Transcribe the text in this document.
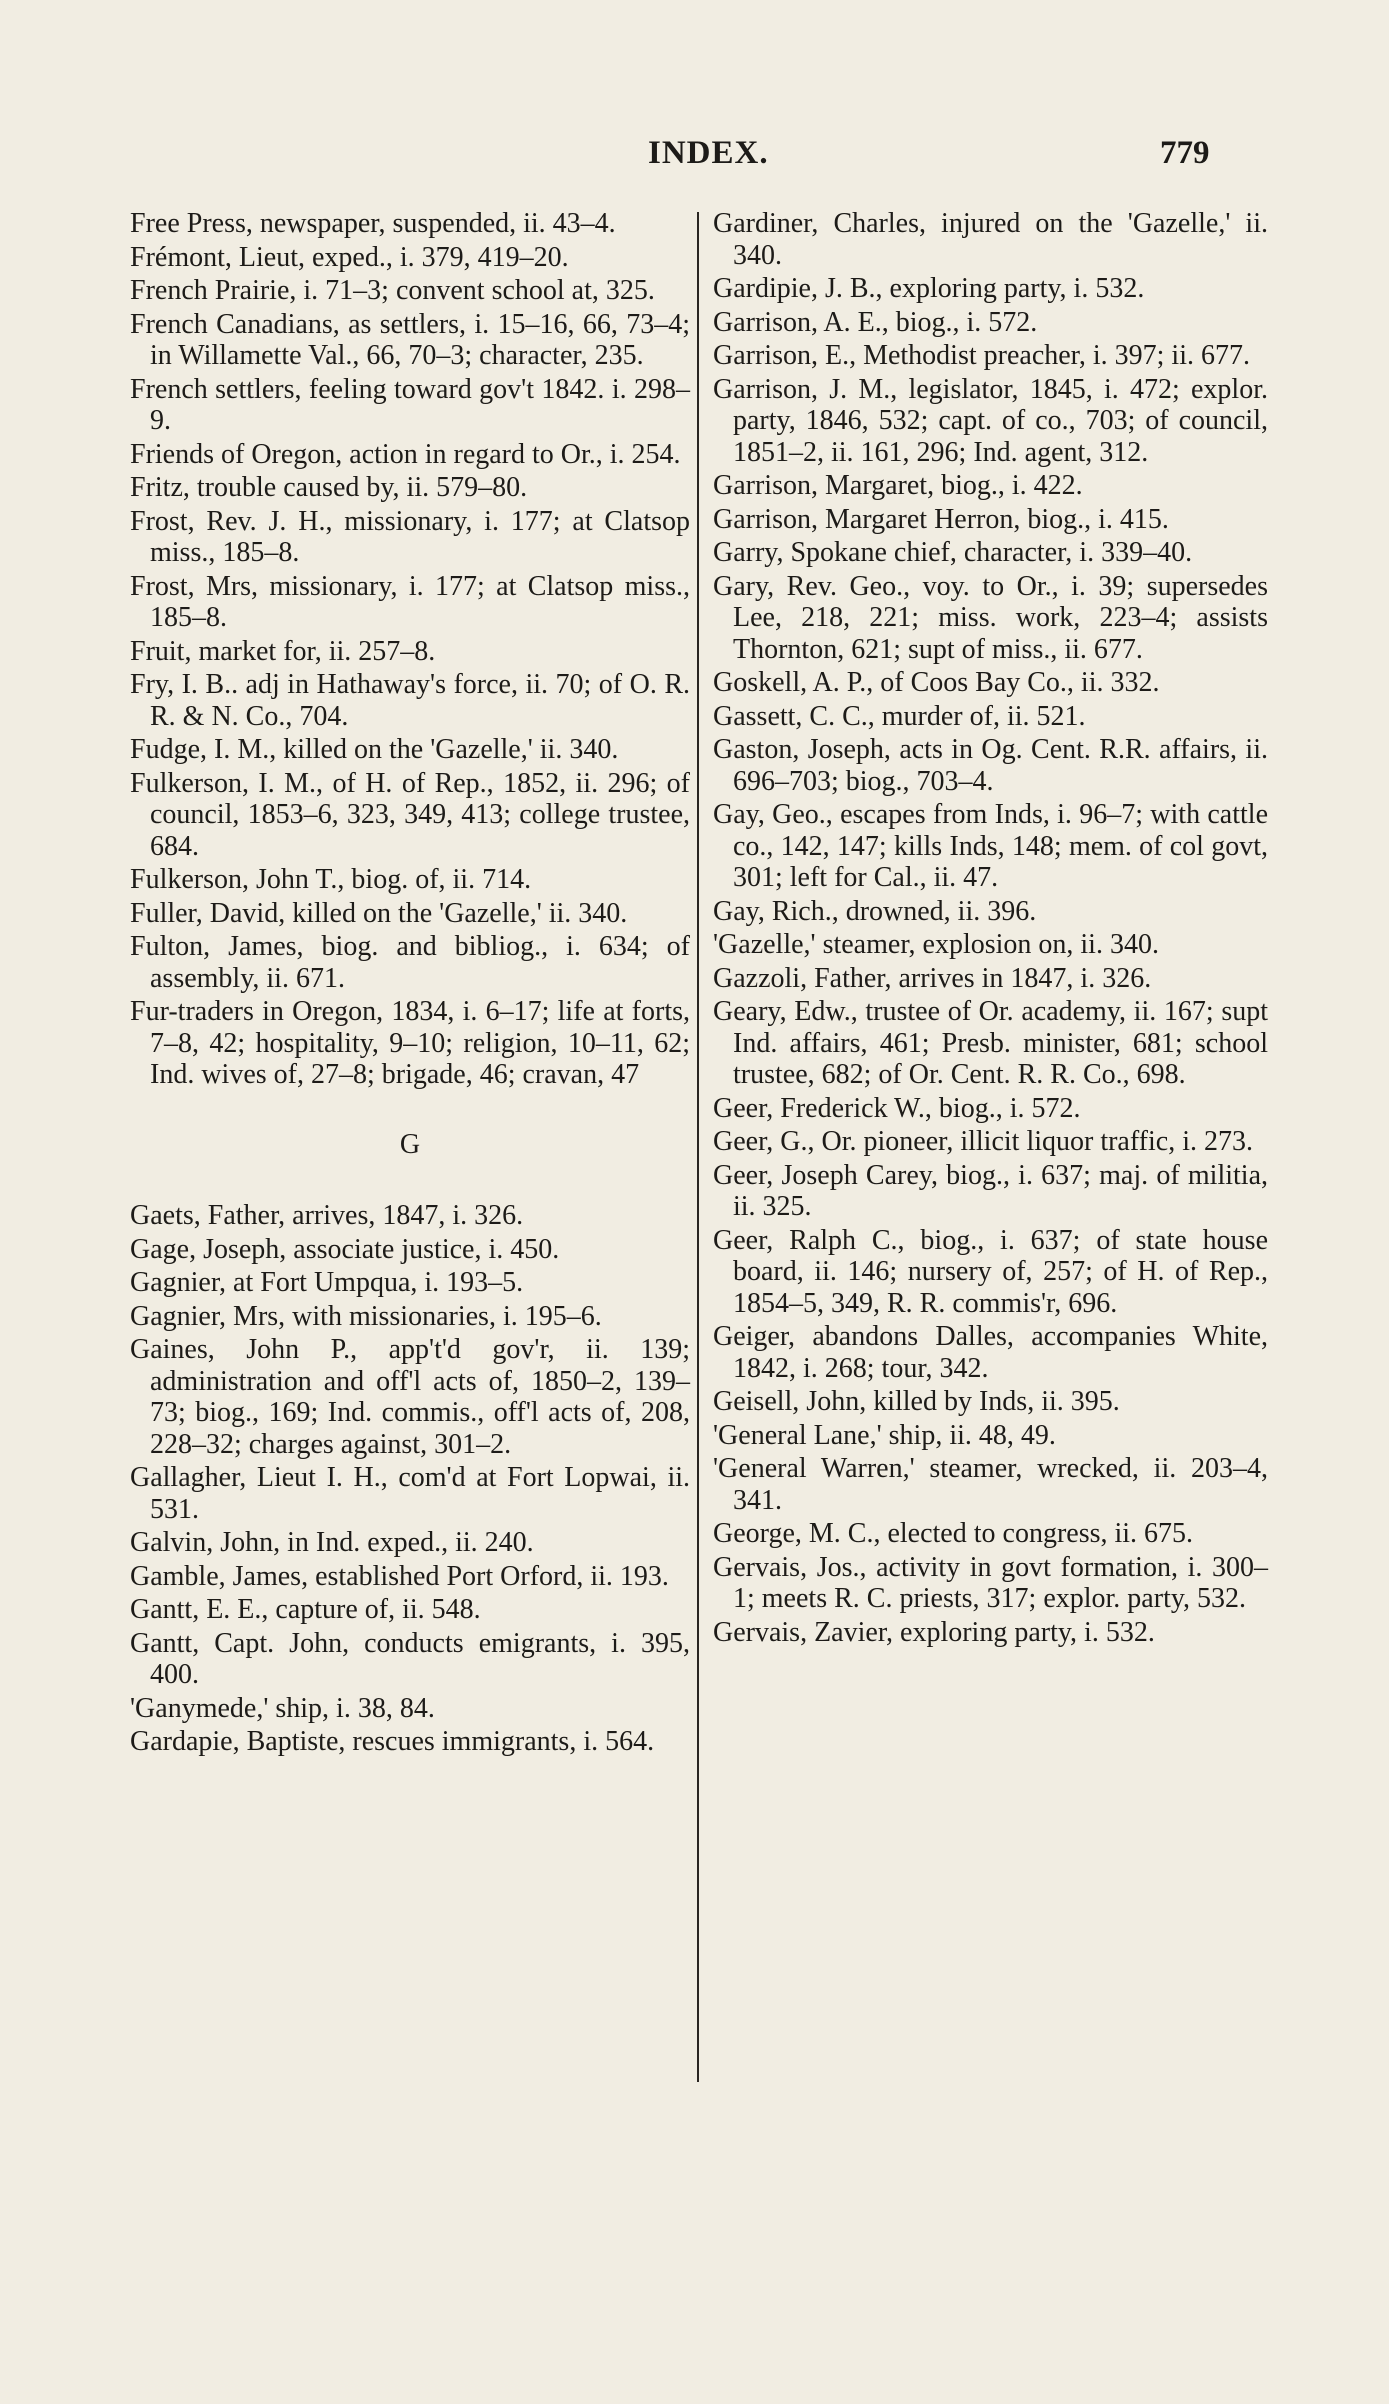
INDEX.	779
Free Press, newspaper, suspended, ii. 43–4.
Frémont, Lieut, exped., i. 379, 419–20.
French Prairie, i. 71–3; convent school at, 325.
French Canadians, as settlers, i. 15–16, 66, 73–4; in Willamette Val., 66, 70–3; character, 235.
French settlers, feeling toward gov't 1842. i. 298–9.
Friends of Oregon, action in regard to Or., i. 254.
Fritz, trouble caused by, ii. 579–80.
Frost, Rev. J. H., missionary, i. 177; at Clatsop miss., 185–8.
Frost, Mrs, missionary, i. 177; at Clatsop miss., 185–8.
Fruit, market for, ii. 257–8.
Fry, I. B.. adj in Hathaway's force, ii. 70; of O. R. R. & N. Co., 704.
Fudge, I. M., killed on the 'Gazelle,' ii. 340.
Fulkerson, I. M., of H. of Rep., 1852, ii. 296; of council, 1853–6, 323, 349, 413; college trustee, 684.
Fulkerson, John T., biog. of, ii. 714.
Fuller, David, killed on the 'Gazelle,' ii. 340.
Fulton, James, biog. and bibliog., i. 634; of assembly, ii. 671.
Fur-traders in Oregon, 1834, i. 6–17; life at forts, 7–8, 42; hospitality, 9–10; religion, 10–11, 62; Ind. wives of, 27–8; brigade, 46; cravan, 47
G
Gaets, Father, arrives, 1847, i. 326.
Gage, Joseph, associate justice, i. 450.
Gagnier, at Fort Umpqua, i. 193–5.
Gagnier, Mrs, with missionaries, i. 195–6.
Gaines, John P., app't'd gov'r, ii. 139; administration and off'l acts of, 1850–2, 139–73; biog., 169; Ind. commis., off'l acts of, 208, 228–32; charges against, 301–2.
Gallagher, Lieut I. H., com'd at Fort Lopwai, ii. 531.
Galvin, John, in Ind. exped., ii. 240.
Gamble, James, established Port Orford, ii. 193.
Gantt, E. E., capture of, ii. 548.
Gantt, Capt. John, conducts emigrants, i. 395, 400.
'Ganymede,' ship, i. 38, 84.
Gardapie, Baptiste, rescues immigrants, i. 564.
Gardiner, Charles, injured on the 'Gazelle,' ii. 340.
Gardipie, J. B., exploring party, i. 532.
Garrison, A. E., biog., i. 572.
Garrison, E., Methodist preacher, i. 397; ii. 677.
Garrison, J. M., legislator, 1845, i. 472; explor. party, 1846, 532; capt. of co., 703; of council, 1851–2, ii. 161, 296; Ind. agent, 312.
Garrison, Margaret, biog., i. 422.
Garrison, Margaret Herron, biog., i. 415.
Garry, Spokane chief, character, i. 339–40.
Gary, Rev. Geo., voy. to Or., i. 39; supersedes Lee, 218, 221; miss. work, 223–4; assists Thornton, 621; supt of miss., ii. 677.
Goskell, A. P., of Coos Bay Co., ii. 332.
Gassett, C. C., murder of, ii. 521.
Gaston, Joseph, acts in Og. Cent. R.R. affairs, ii. 696–703; biog., 703–4.
Gay, Geo., escapes from Inds, i. 96–7; with cattle co., 142, 147; kills Inds, 148; mem. of col govt, 301; left for Cal., ii. 47.
Gay, Rich., drowned, ii. 396.
'Gazelle,' steamer, explosion on, ii. 340.
Gazzoli, Father, arrives in 1847, i. 326.
Geary, Edw., trustee of Or. academy, ii. 167; supt Ind. affairs, 461; Presb. minister, 681; school trustee, 682; of Or. Cent. R. R. Co., 698.
Geer, Frederick W., biog., i. 572.
Geer, G., Or. pioneer, illicit liquor traffic, i. 273.
Geer, Joseph Carey, biog., i. 637; maj. of militia, ii. 325.
Geer, Ralph C., biog., i. 637; of state house board, ii. 146; nursery of, 257; of H. of Rep., 1854–5, 349, R. R. commis'r, 696.
Geiger, abandons Dalles, accompanies White, 1842, i. 268; tour, 342.
Geisell, John, killed by Inds, ii. 395.
'General Lane,' ship, ii. 48, 49.
'General Warren,' steamer, wrecked, ii. 203–4, 341.
George, M. C., elected to congress, ii. 675.
Gervais, Jos., activity in govt formation, i. 300–1; meets R. C. priests, 317; explor. party, 532.
Gervais, Zavier, exploring party, i. 532.
